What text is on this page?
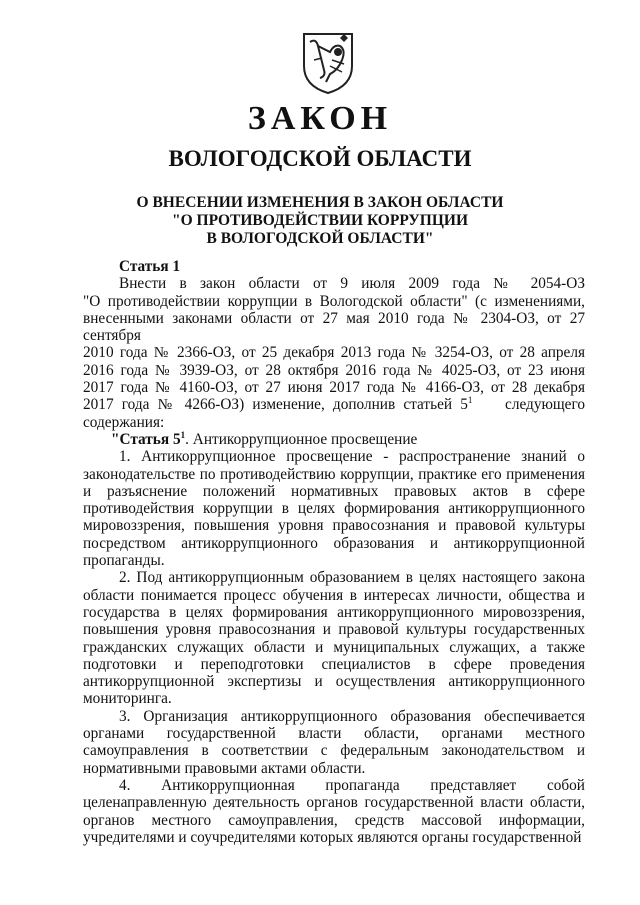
ЗАКОН
ВОЛОГОДСКОЙ ОБЛАСТИ
О ВНЕСЕНИИ ИЗМЕНЕНИЯ В ЗАКОН ОБЛАСТИ
"О ПРОТИВОДЕЙСТВИИ КОРРУПЦИИ
В ВОЛОГОДСКОЙ ОБЛАСТИ"
Статья 1

Внести в закон области от 9 июля 2009 года № 2054-ОЗ

"О противодействии коррупции в Вологодской области" (с изменениями,

внесенными законами области от 27 мая 2010 года № 2304-ОЗ, от 27 сентября

2010 года № 2366-ОЗ, от 25 декабря 2013 года № 3254-ОЗ, от 28 апреля

2016 года № 3939-ОЗ, от 28 октября 2016 года № 4025-ОЗ, от 23 июня

2017 года № 4160-ОЗ, от 27 июня 2017 года № 4166-ОЗ, от 28 декабря

2017 года № 4266-ОЗ) изменение, дополнив статьей $5^1$ следующего

содержания:

"Статья $5^1$. Антикоррупционное просвещение

1. Антикоррупционное просвещение - распространение знаний о законодательстве по противодействию коррупции, практике его применения и разъяснение положений нормативных правовых актов в сфере противодействия коррупции в целях формирования антикоррупционного мировоззрения, повышения уровня правосознания и правовой культуры посредством антикоррупционного образования и антикоррупционной пропаганды.

2. Под антикоррупционным образованием в целях настоящего закона области понимается процесс обучения в интересах личности, общества и государства в целях формирования антикоррупционного мировоззрения, повышения уровня правосознания и правовой культуры государственных гражданских служащих области и муниципальных служащих, а также подготовки и переподготовки специалистов в сфере проведения антикоррупционной экспертизы и осуществления антикоррупционного мониторинга.

3. Организация антикоррупционного образования обеспечивается органами государственной власти области, органами местного самоуправления в соответствии с федеральным законодательством и нормативными правовыми актами области.

4. Антикоррупционная пропаганда представляет собой целенаправленную деятельность органов государственной власти области, органов местного самоуправления, средств массовой информации, учредителями и соучредителями которых являются органы государственной
